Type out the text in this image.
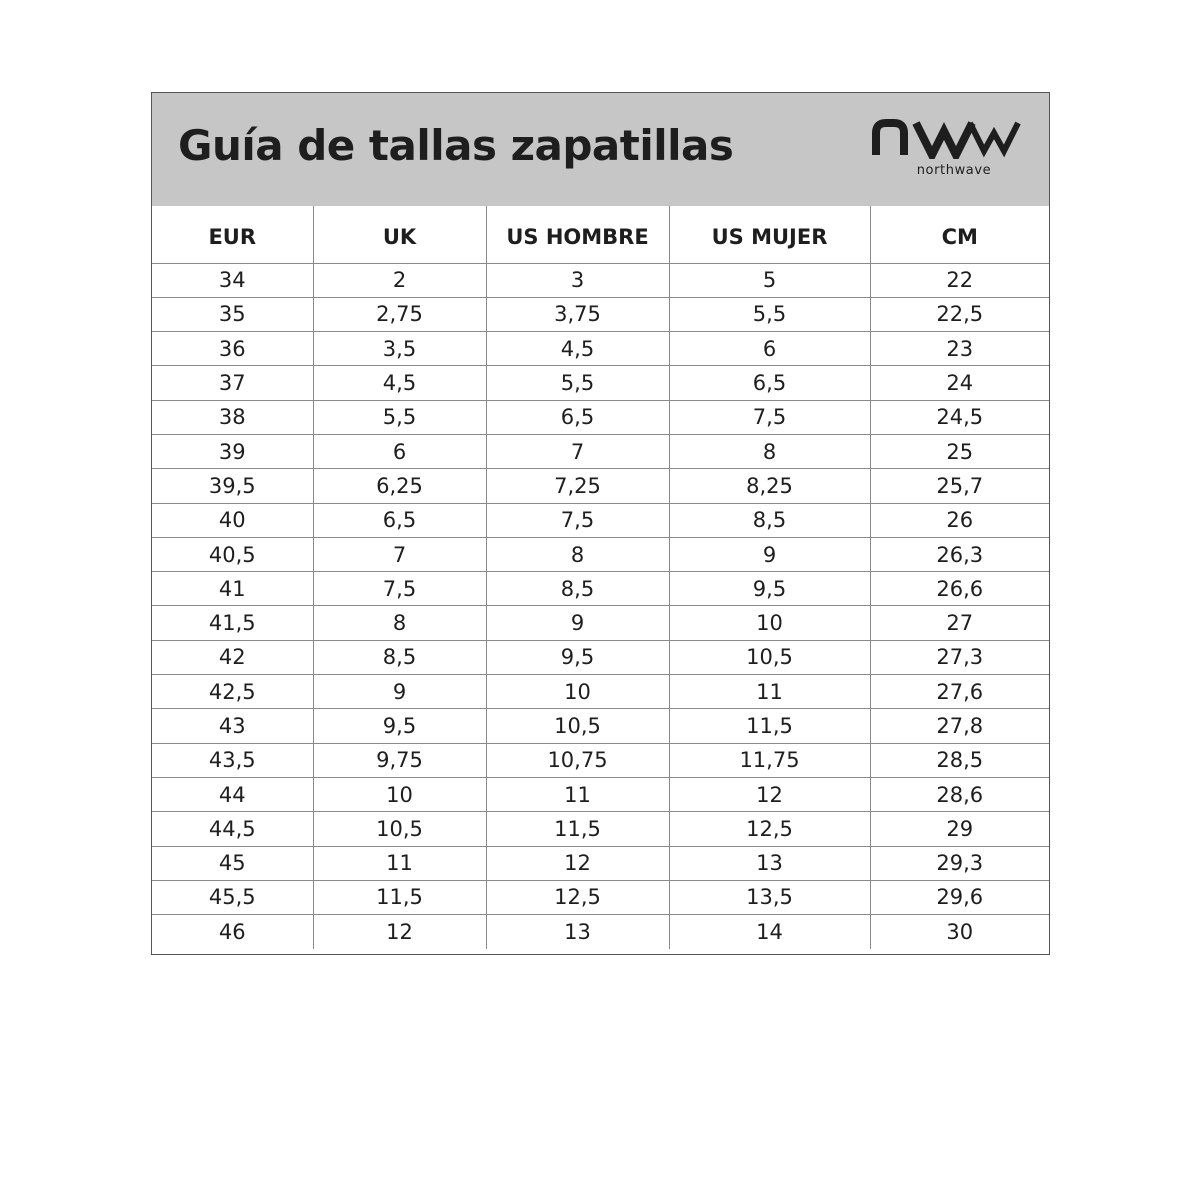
Guía de tallas zapatillas
northwave
EUR	UK	US HOMBRE	US MUJER	CM
34	2	3	5	22
35	2,75	3,75	5,5	22,5
36	3,5	4,5	6	23
37	4,5	5,5	6,5	24
38	5,5	6,5	7,5	24,5
39	6	7	8	25
39,5	6,25	7,25	8,25	25,7
40	6,5	7,5	8,5	26
40,5	7	8	9	26,3
41	7,5	8,5	9,5	26,6
41,5	8	9	10	27
42	8,5	9,5	10,5	27,3
42,5	9	10	11	27,6
43	9,5	10,5	11,5	27,8
43,5	9,75	10,75	11,75	28,5
44	10	11	12	28,6
44,5	10,5	11,5	12,5	29
45	11	12	13	29,3
45,5	11,5	12,5	13,5	29,6
46	12	13	14	30
